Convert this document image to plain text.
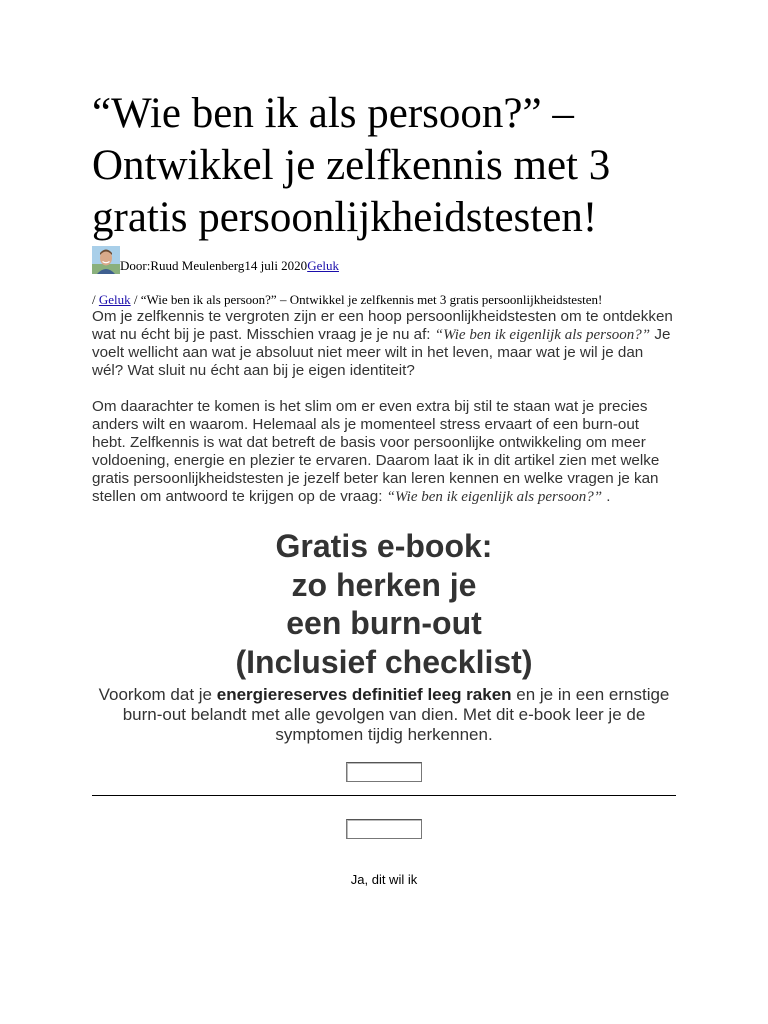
“Wie ben ik als persoon?” – Ontwikkel je zelfkennis met 3 gratis persoonlijkheidstesten!
Door: Ruud Meulenberg 14 juli 2020 Geluk
/ Geluk / “Wie ben ik als persoon?” – Ontwikkel je zelfkennis met 3 gratis persoonlijkheidstesten!

Om je zelfkennis te vergroten zijn er een hoop persoonlijkheidstesten om te ontdekken wat nu écht bij je past. Misschien vraag je je nu af: “Wie ben ik eigenlijk als persoon?” Je voelt wellicht aan wat je absoluut niet meer wilt in het leven, maar wat je wil je dan wél? Wat sluit nu écht aan bij je eigen identiteit?

Om daarachter te komen is het slim om er even extra bij stil te staan wat je precies anders wilt en waarom. Helemaal als je momenteel stress ervaart of een burn-out hebt. Zelfkennis is wat dat betreft de basis voor persoonlijke ontwikkeling om meer voldoening, energie en plezier te ervaren. Daarom laat ik in dit artikel zien met welke gratis persoonlijkheidstesten je jezelf beter kan leren kennen en welke vragen je kan stellen om antwoord te krijgen op de vraag: “Wie ben ik eigenlijk als persoon?” .

Gratis e-book:
zo herken je
een burn-out
(Inclusief checklist)
Voorkom dat je energiereserves definitief leeg raken en je in een ernstige burn-out belandt met alle gevolgen van dien. Met dit e-book leer je de symptomen tijdig herkennen.
Ja, dit wil ik
